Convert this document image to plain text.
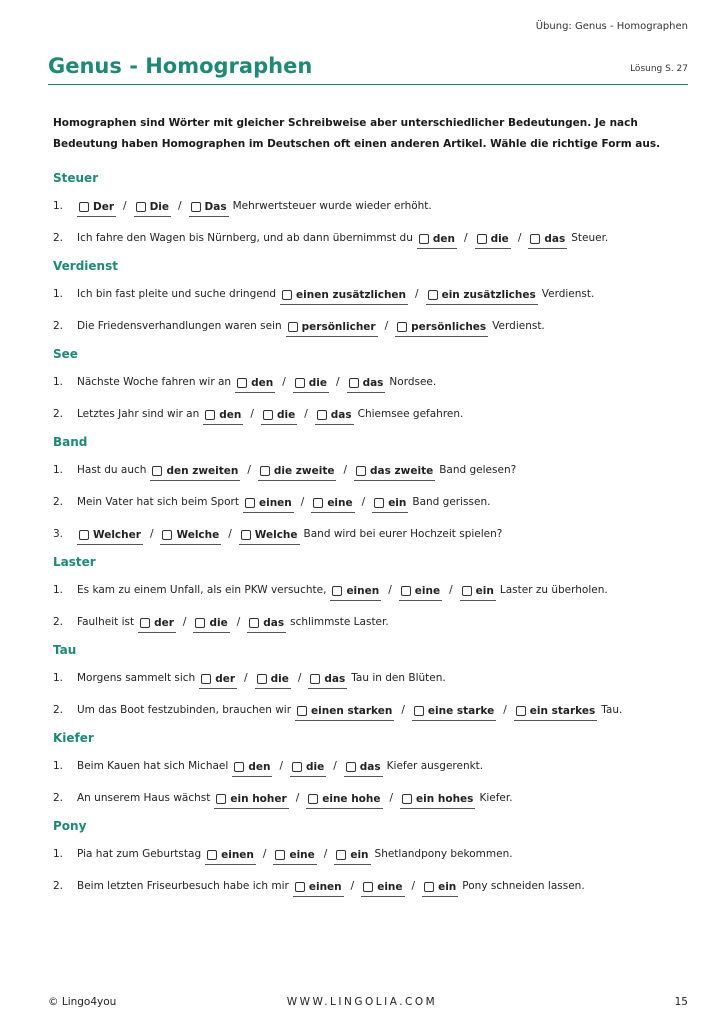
Übung: Genus - Homographen
Genus - Homographen	Lösung S. 27
Homographen sind Wörter mit gleicher Schreibweise aber unterschiedlicher Bedeutungen. Je nach Bedeutung haben Homographen im Deutschen oft einen anderen Artikel. Wähle die richtige Form aus.
Steuer
1.	Der / Die / Das Mehrwertsteuer wurde wieder erhöht.
2.	Ich fahre den Wagen bis Nürnberg, und ab dann übernimmst du den / die / das Steuer.
Verdienst
1.	Ich bin fast pleite und suche dringend einen zusätzlichen / ein zusätzliches Verdienst.
2.	Die Friedensverhandlungen waren sein persönlicher / persönliches Verdienst.
See
1.	Nächste Woche fahren wir an den / die / das Nordsee.
2.	Letztes Jahr sind wir an den / die / das Chiemsee gefahren.
Band
1.	Hast du auch den zweiten / die zweite / das zweite Band gelesen?
2.	Mein Vater hat sich beim Sport einen / eine / ein Band gerissen.
3.	Welcher / Welche / Welche Band wird bei eurer Hochzeit spielen?
Laster
1.	Es kam zu einem Unfall, als ein PKW versuchte, einen / eine / ein Laster zu überholen.
2.	Faulheit ist der / die / das schlimmste Laster.
Tau
1.	Morgens sammelt sich der / die / das Tau in den Blüten.
2.	Um das Boot festzubinden, brauchen wir einen starken / eine starke / ein starkes Tau.
Kiefer
1.	Beim Kauen hat sich Michael den / die / das Kiefer ausgerenkt.
2.	An unserem Haus wächst ein hoher / eine hohe / ein hohes Kiefer.
Pony
1.	Pia hat zum Geburtstag einen / eine / ein Shetlandpony bekommen.
2.	Beim letzten Friseurbesuch habe ich mir einen / eine / ein Pony schneiden lassen.
© Lingo4you	WWW.LINGOLIA.COM	15
